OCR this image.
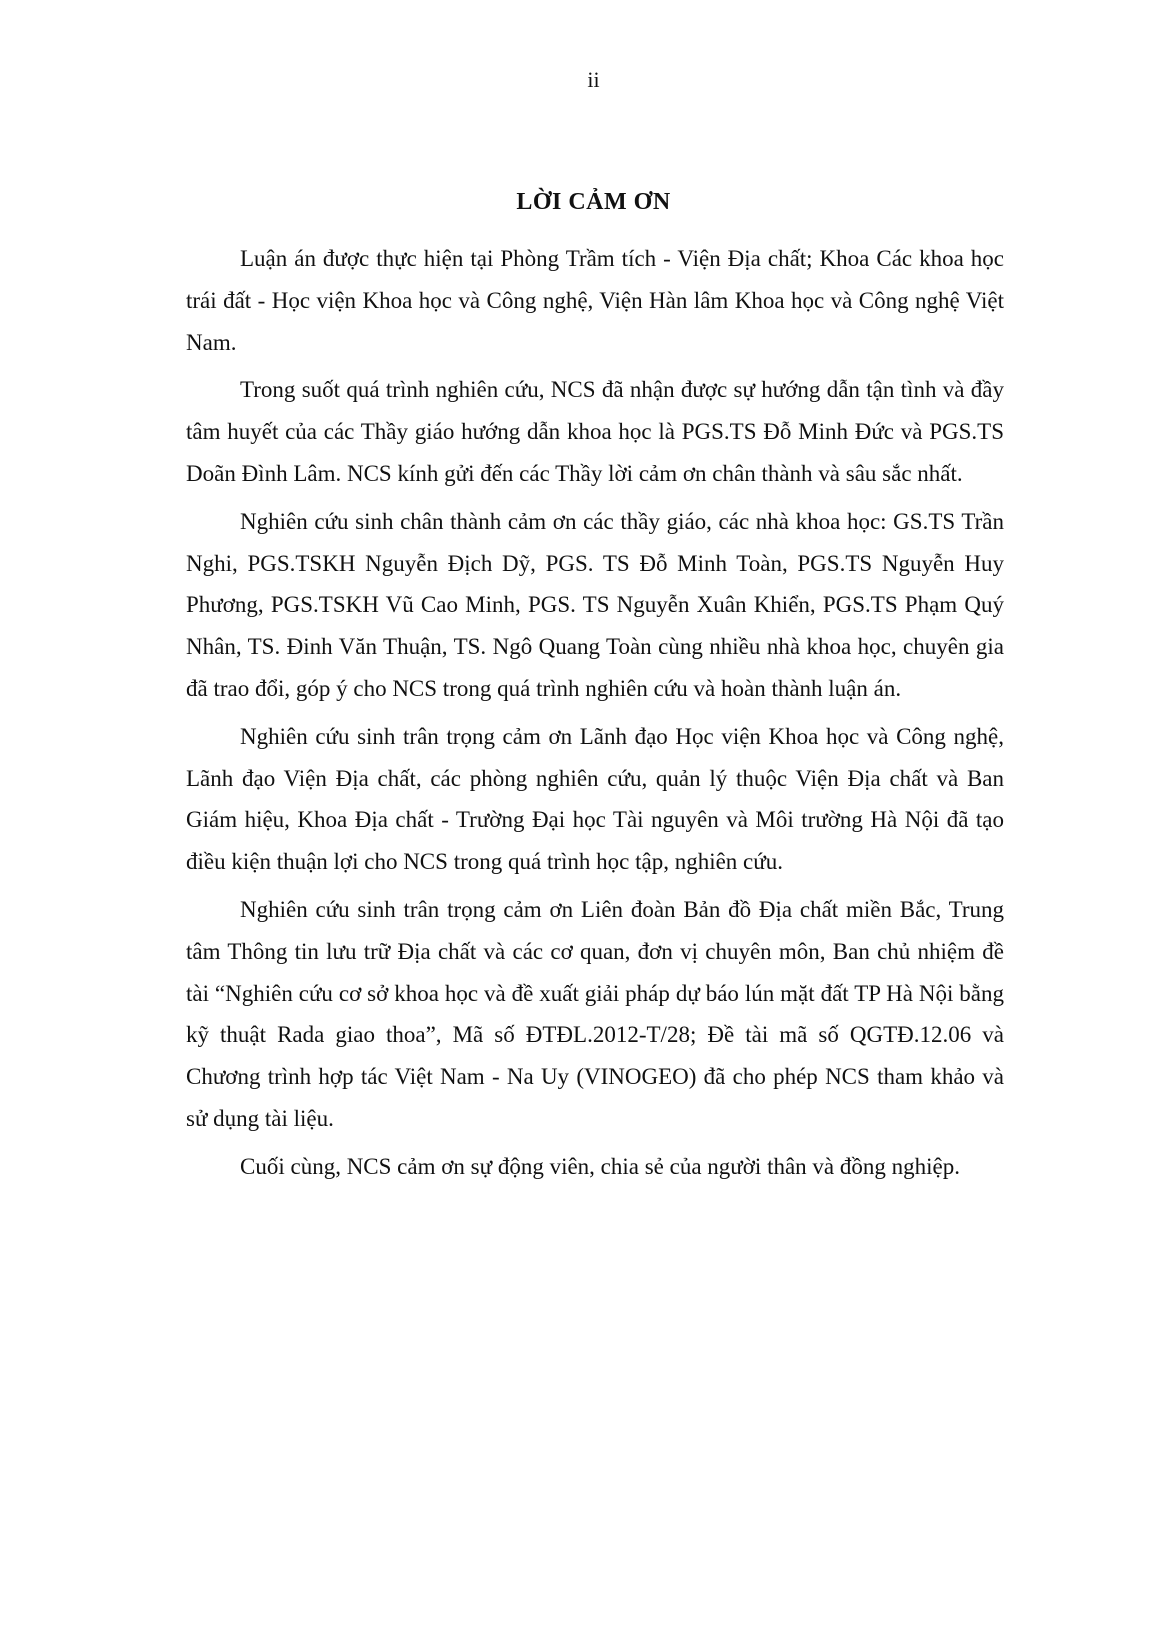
ii
LỜI CẢM ƠN

Luận án được thực hiện tại Phòng Trầm tích - Viện Địa chất; Khoa Các khoa học trái đất - Học viện Khoa học và Công nghệ, Viện Hàn lâm Khoa học và Công nghệ Việt Nam.

Trong suốt quá trình nghiên cứu, NCS đã nhận được sự hướng dẫn tận tình và đầy tâm huyết của các Thầy giáo hướng dẫn khoa học là PGS.TS Đỗ Minh Đức và PGS.TS Doãn Đình Lâm. NCS kính gửi đến các Thầy lời cảm ơn chân thành và sâu sắc nhất.

Nghiên cứu sinh chân thành cảm ơn các thầy giáo, các nhà khoa học: GS.TS Trần Nghi, PGS.TSKH Nguyễn Địch Dỹ, PGS. TS Đỗ Minh Toàn, PGS.TS Nguyễn Huy Phương, PGS.TSKH Vũ Cao Minh, PGS. TS Nguyễn Xuân Khiển, PGS.TS Phạm Quý Nhân, TS. Đinh Văn Thuận, TS. Ngô Quang Toàn cùng nhiều nhà khoa học, chuyên gia đã trao đổi, góp ý cho NCS trong quá trình nghiên cứu và hoàn thành luận án.

Nghiên cứu sinh trân trọng cảm ơn Lãnh đạo Học viện Khoa học và Công nghệ, Lãnh đạo Viện Địa chất, các phòng nghiên cứu, quản lý thuộc Viện Địa chất và Ban Giám hiệu, Khoa Địa chất - Trường Đại học Tài nguyên và Môi trường Hà Nội đã tạo điều kiện thuận lợi cho NCS trong quá trình học tập, nghiên cứu.

Nghiên cứu sinh trân trọng cảm ơn Liên đoàn Bản đồ Địa chất miền Bắc, Trung tâm Thông tin lưu trữ Địa chất và các cơ quan, đơn vị chuyên môn, Ban chủ nhiệm đề tài “Nghiên cứu cơ sở khoa học và đề xuất giải pháp dự báo lún mặt đất TP Hà Nội bằng kỹ thuật Rada giao thoa”, Mã số ĐTĐL.2012-T/28; Đề tài mã số QGTĐ.12.06 và Chương trình hợp tác Việt Nam - Na Uy (VINOGEO) đã cho phép NCS tham khảo và sử dụng tài liệu.

Cuối cùng, NCS cảm ơn sự động viên, chia sẻ của người thân và đồng nghiệp.
